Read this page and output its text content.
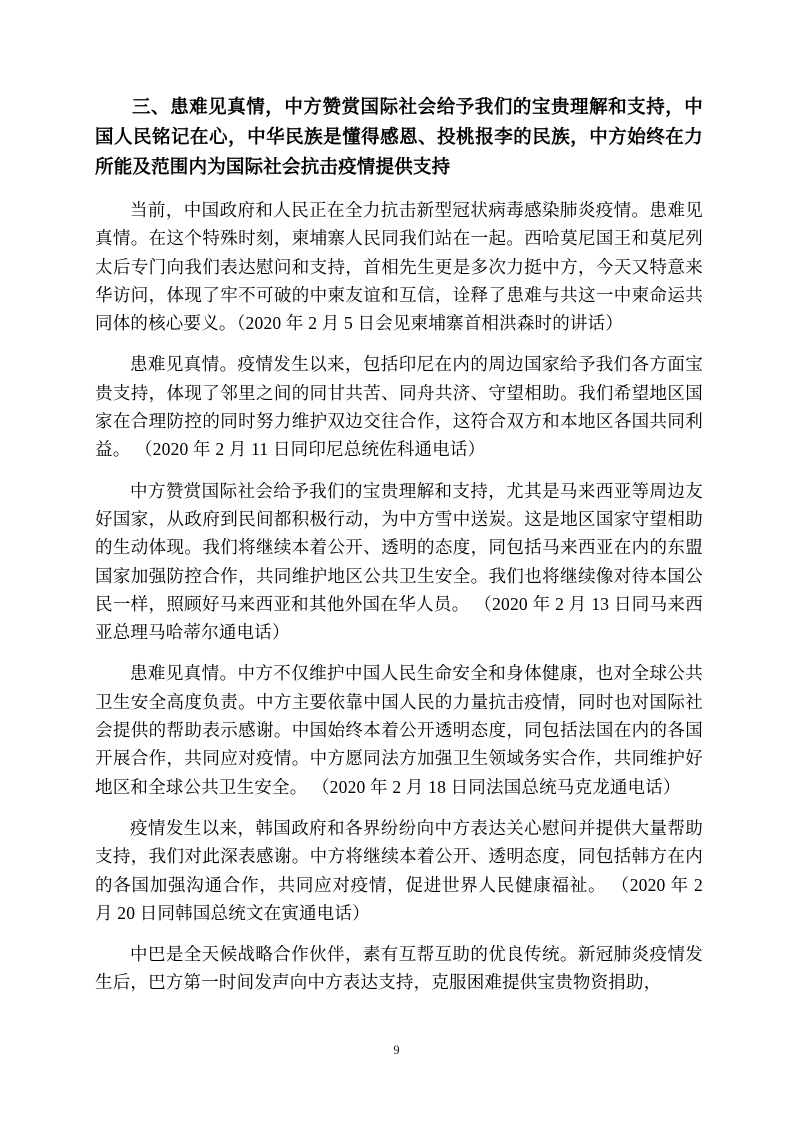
三、患难见真情，中方赞赏国际社会给予我们的宝贵理解和支持，中国人民铭记在心，中华民族是懂得感恩、投桃报李的民族，中方始终在力所能及范围内为国际社会抗击疫情提供支持

当前，中国政府和人民正在全力抗击新型冠状病毒感染肺炎疫情。患难见真情。在这个特殊时刻，柬埔寨人民同我们站在一起。西哈莫尼国王和莫尼列太后专门向我们表达慰问和支持，首相先生更是多次力挺中方，今天又特意来华访问，体现了牢不可破的中柬友谊和互信，诠释了患难与共这一中柬命运共同体的核心要义。（2020 年 2 月 5 日会见柬埔寨首相洪森时的讲话）

患难见真情。疫情发生以来，包括印尼在内的周边国家给予我们各方面宝贵支持，体现了邻里之间的同甘共苦、同舟共济、守望相助。我们希望地区国家在合理防控的同时努力维护双边交往合作，这符合双方和本地区各国共同利益。 （2020 年 2 月 11 日同印尼总统佐科通电话）

中方赞赏国际社会给予我们的宝贵理解和支持，尤其是马来西亚等周边友好国家，从政府到民间都积极行动，为中方雪中送炭。这是地区国家守望相助的生动体现。我们将继续本着公开、透明的态度，同包括马来西亚在内的东盟国家加强防控合作，共同维护地区公共卫生安全。我们也将继续像对待本国公民一样，照顾好马来西亚和其他外国在华人员。 （2020 年 2 月 13 日同马来西亚总理马哈蒂尔通电话）

患难见真情。中方不仅维护中国人民生命安全和身体健康，也对全球公共卫生安全高度负责。中方主要依靠中国人民的力量抗击疫情，同时也对国际社会提供的帮助表示感谢。中国始终本着公开透明态度，同包括法国在内的各国开展合作，共同应对疫情。中方愿同法方加强卫生领域务实合作，共同维护好地区和全球公共卫生安全。 （2020 年 2 月 18 日同法国总统马克龙通电话）

疫情发生以来，韩国政府和各界纷纷向中方表达关心慰问并提供大量帮助支持，我们对此深表感谢。中方将继续本着公开、透明态度，同包括韩方在内的各国加强沟通合作，共同应对疫情，促进世界人民健康福祉。 （2020 年 2 月 20 日同韩国总统文在寅通电话）

中巴是全天候战略合作伙伴，素有互帮互助的优良传统。新冠肺炎疫情发生后，巴方第一时间发声向中方表达支持，克服困难提供宝贵物资捐助，

9
